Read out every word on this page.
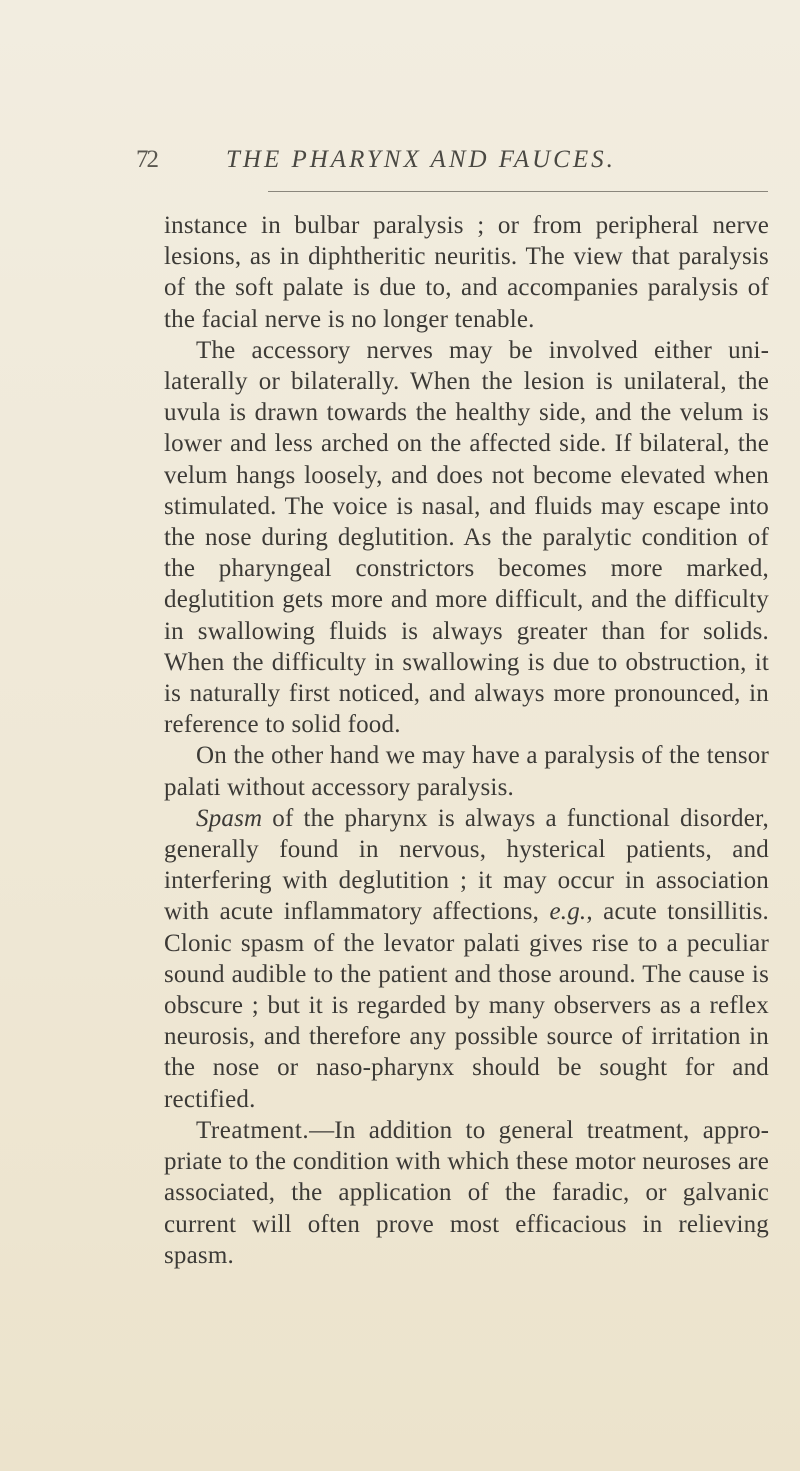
72	THE PHARYNX AND FAUCES.

instance in bulbar paralysis ; or from peripheral nerve lesions, as in diphtheritic neuritis. The view that paralysis of the soft palate is due to, and accompanies paralysis of the facial nerve is no longer tenable.

The accessory nerves may be involved either unilaterally or bilaterally. When the lesion is unilateral, the uvula is drawn towards the healthy side, and the velum is lower and less arched on the affected side. If bilateral, the velum hangs loosely, and does not become elevated when stimulated. The voice is nasal, and fluids may escape into the nose during deglutition. As the paralytic condition of the pharyngeal constrictors becomes more marked, deglutition gets more and more difficult, and the difficulty in swallowing fluids is always greater than for solids. When the difficulty in swallowing is due to obstruction, it is naturally first noticed, and always more pronounced, in reference to solid food.

On the other hand we may have a paralysis of the tensor palati without accessory paralysis.

Spasm of the pharynx is always a functional disorder, generally found in nervous, hysterical patients, and interfering with deglutition ; it may occur in association with acute inflammatory affections, e.g., acute tonsillitis. Clonic spasm of the levator palati gives rise to a peculiar sound audible to the patient and those around. The cause is obscure ; but it is regarded by many observers as a reflex neurosis, and therefore any possible source of irritation in the nose or naso-pharynx should be sought for and rectified.

Treatment.—In addition to general treatment, appropriate to the condition with which these motor neuroses are associated, the application of the faradic, or galvanic current will often prove most efficacious in relieving spasm.
